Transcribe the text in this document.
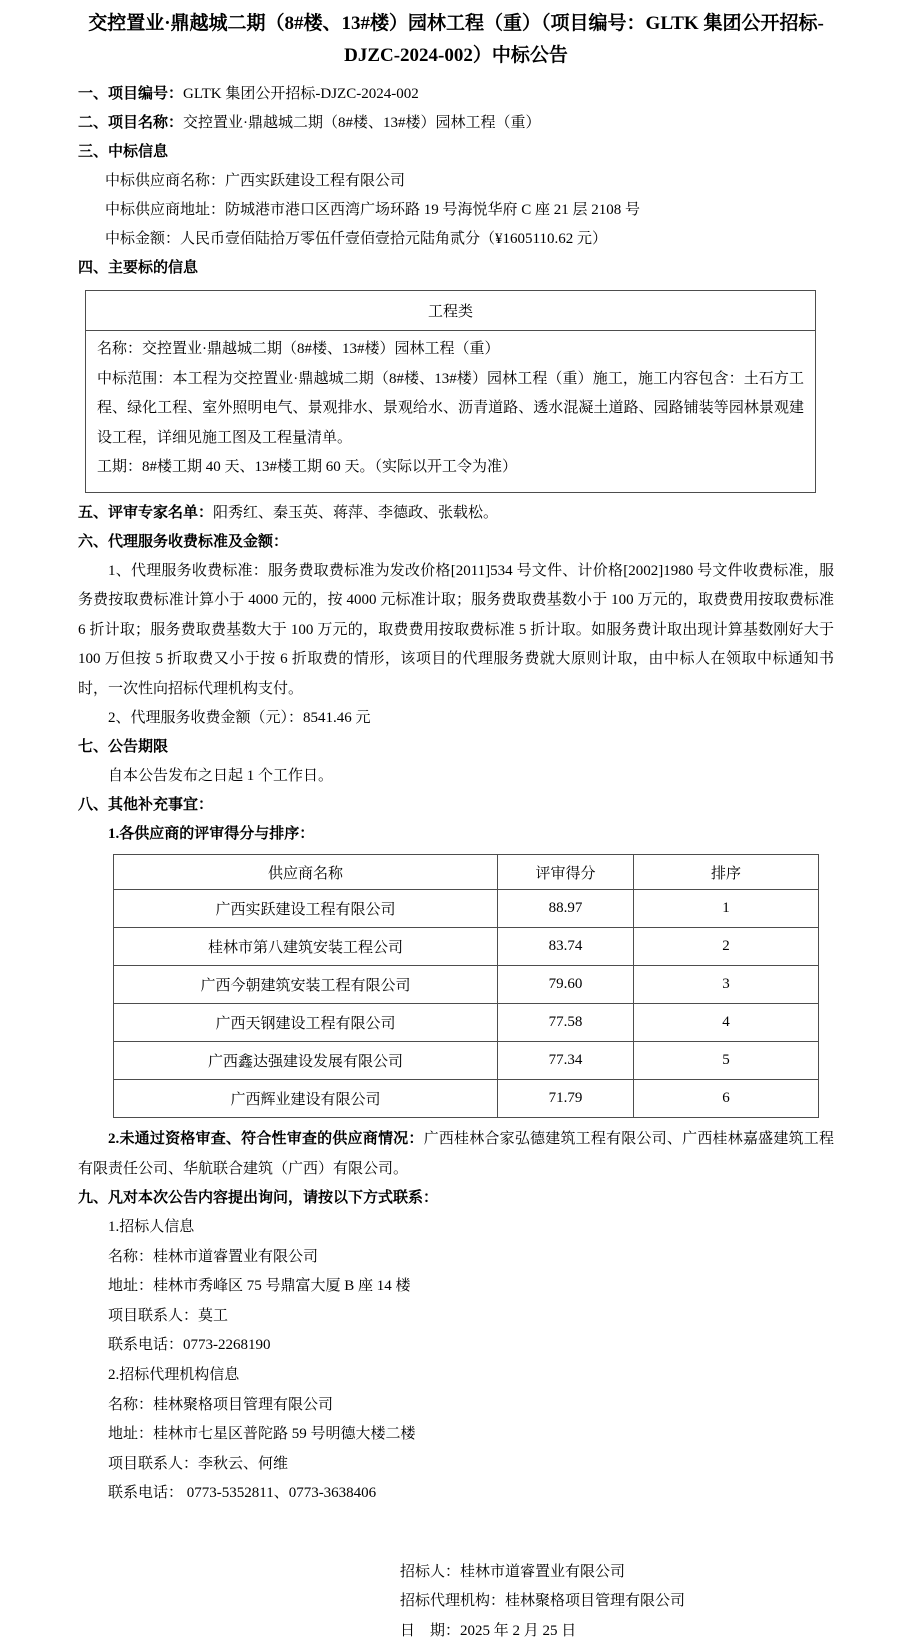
交控置业·鼎越城二期（8#楼、13#楼）园林工程（重）（项目编号：GLTK 集团公开招标-DJZC-2024-002）中标公告
一、项目编号：GLTK 集团公开招标-DJZC-2024-002
二、项目名称：交控置业·鼎越城二期（8#楼、13#楼）园林工程（重）
三、中标信息
中标供应商名称：广西实跃建设工程有限公司
中标供应商地址：防城港市港口区西湾广场环路 19 号海悦华府 C 座 21 层 2108 号
中标金额：人民币壹佰陆拾万零伍仟壹佰壹拾元陆角贰分（¥1605110.62 元）
四、主要标的信息
工程类

名称：交控置业·鼎越城二期（8#楼、13#楼）园林工程（重）
中标范围：本工程为交控置业·鼎越城二期（8#楼、13#楼）园林工程（重）施工，施工内容包含：土石方工程、绿化工程、室外照明电气、景观排水、景观给水、沥青道路、透水混凝土道路、园路铺装等园林景观建设工程，详细见施工图及工程量清单。
工期：8#楼工期 40 天、13#楼工期 60 天。（实际以开工令为准）
五、评审专家名单：阳秀红、秦玉英、蒋萍、李德政、张载松。
六、代理服务收费标准及金额：
1、代理服务收费标准：服务费取费标准为发改价格[2011]534 号文件、计价格[2002]1980 号文件收费标准，服务费按取费标准计算小于 4000 元的，按 4000 元标准计取；服务费取费基数小于 100 万元的，取费费用按取费标准 6 折计取；服务费取费基数大于 100 万元的，取费费用按取费标准 5 折计取。如服务费计取出现计算基数刚好大于 100 万但按 5 折取费又小于按 6 折取费的情形，该项目的代理服务费就大原则计取，由中标人在领取中标通知书时，一次性向招标代理机构支付。
2、代理服务收费金额（元）：8541.46 元
七、公告期限
自本公告发布之日起 1 个工作日。
八、其他补充事宜：
1.各供应商的评审得分与排序：
供应商名称	评审得分	排序
广西实跃建设工程有限公司	88.97	1
桂林市第八建筑安装工程公司	83.74	2
广西今朝建筑安装工程有限公司	79.60	3
广西天钢建设工程有限公司	77.58	4
广西鑫达强建设发展有限公司	77.34	5
广西辉业建设有限公司	71.79	6
2.未通过资格审查、符合性审查的供应商情况：广西桂林合家弘德建筑工程有限公司、广西桂林嘉盛建筑工程有限责任公司、华航联合建筑（广西）有限公司。
九、凡对本次公告内容提出询问，请按以下方式联系：
1.招标人信息
名称：桂林市道睿置业有限公司
地址：桂林市秀峰区 75 号鼎富大厦 B 座 14 楼
项目联系人：莫工
联系电话：0773-2268190
2.招标代理机构信息
名称：桂林聚格项目管理有限公司
地址：桂林市七星区普陀路 59 号明德大楼二楼
项目联系人：李秋云、何维
联系电话： 0773-5352811、0773-3638406
招标人：桂林市道睿置业有限公司
招标代理机构：桂林聚格项目管理有限公司
日　期：2025 年 2 月 25 日
